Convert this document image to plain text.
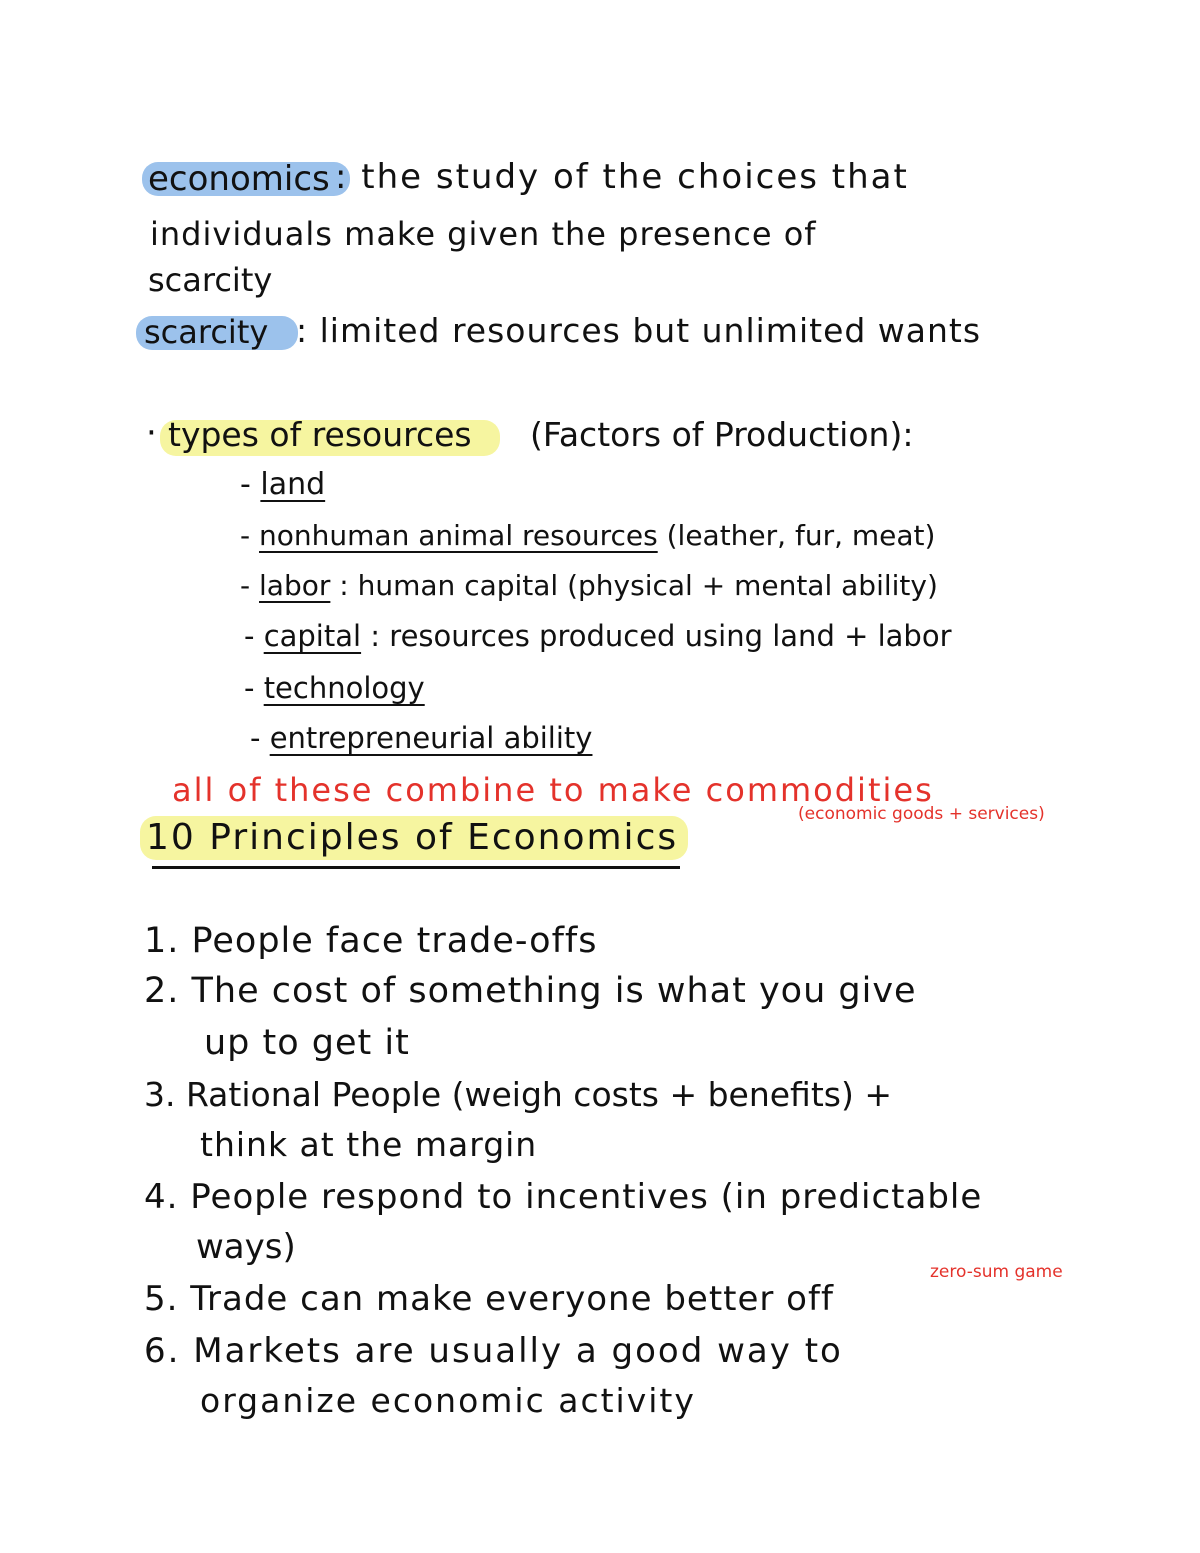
economics : the study of the choices that
individuals make given the presence of
scarcity
scarcity : limited resources but unlimited wants
· types of resources (Factors of Production):
- land
- nonhuman animal resources (leather, fur, meat)
- labor : human capital (physical + mental ability)
- capital : resources produced using land + labor
- technology
- entrepreneurial ability
all of these combine to make commodities
(economic goods + services)
10 Principles of Economics
1. People face trade-offs
2. The cost of something is what you give
up to get it
3. Rational People (weigh costs + benefits) +
think at the margin
4. People respond to incentives (in predictable
ways)
5. Trade can make everyone better off
zero-sum game
6. Markets are usually a good way to
organize economic activity
